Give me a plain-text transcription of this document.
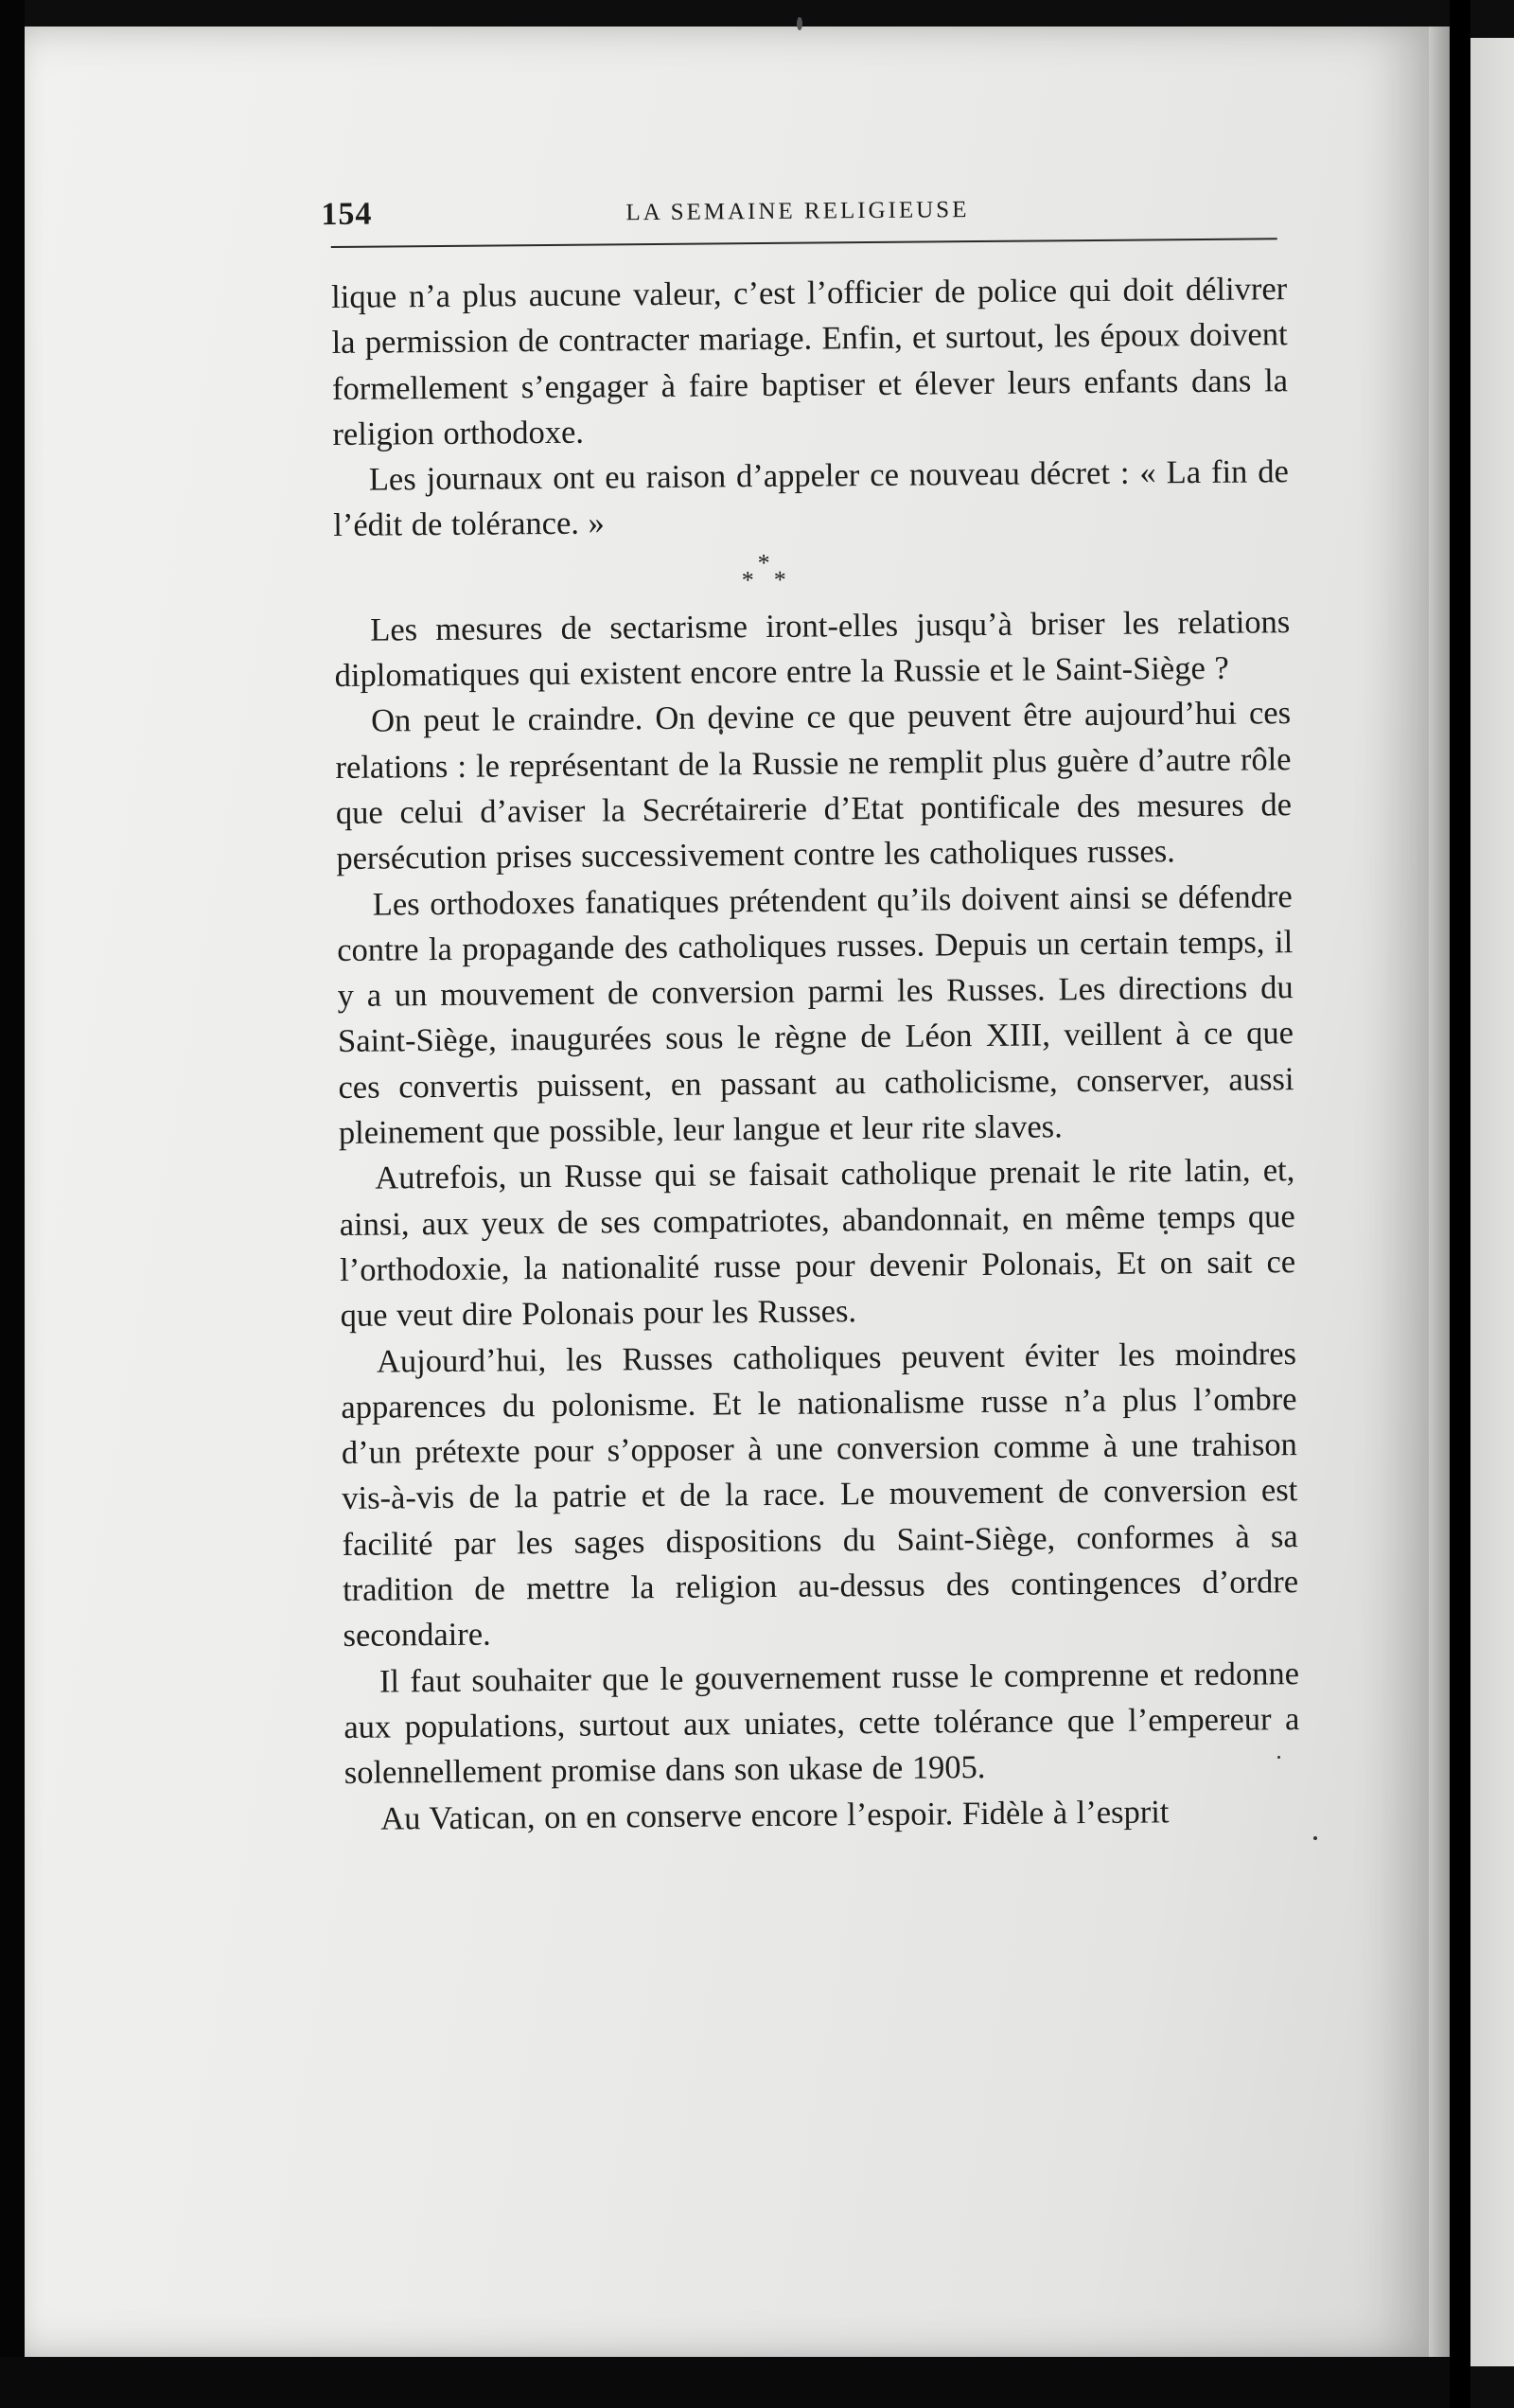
154	LA SEMAINE RELIGIEUSE

lique n’a plus aucune valeur, c’est l’officier de police qui doit délivrer la permission de contracter mariage. Enfin, et surtout, les époux doivent formellement s’engager à faire baptiser et élever leurs enfants dans la religion orthodoxe.

Les journaux ont eu raison d’appeler ce nouveau décret : « La fin de l’édit de tolérance. »

*
* *

Les mesures de sectarisme iront-elles jusqu’à briser les relations diplomatiques qui existent encore entre la Russie et le Saint-Siège ?

On peut le craindre. On devine ce que peuvent être aujourd’hui ces relations : le représentant de la Russie ne remplit plus guère d’autre rôle que celui d’aviser la Secrétairerie d’Etat pontificale des mesures de persécution prises successivement contre les catholiques russes.

Les orthodoxes fanatiques prétendent qu’ils doivent ainsi se défendre contre la propagande des catholiques russes. Depuis un certain temps, il y a un mouvement de conversion parmi les Russes. Les directions du Saint-Siège, inaugurées sous le règne de Léon XIII, veillent à ce que ces convertis puissent, en passant au catholicisme, conserver, aussi pleinement que possible, leur langue et leur rite slaves.

Autrefois, un Russe qui se faisait catholique prenait le rite latin, et, ainsi, aux yeux de ses compatriotes, abandonnait, en même temps que l’orthodoxie, la nationalité russe pour devenir Polonais, Et on sait ce que veut dire Polonais pour les Russes.

Aujourd’hui, les Russes catholiques peuvent éviter les moindres apparences du polonisme. Et le nationalisme russe n’a plus l’ombre d’un prétexte pour s’opposer à une conversion comme à une trahison vis-à-vis de la patrie et de la race. Le mouvement de conversion est facilité par les sages dispositions du Saint-Siège, conformes à sa tradition de mettre la religion au-dessus des contingences d’ordre secondaire.

Il faut souhaiter que le gouvernement russe le comprenne et redonne aux populations, surtout aux uniates, cette tolérance que l’empereur a solennellement promise dans son ukase de 1905.

Au Vatican, on en conserve encore l’espoir. Fidèle à l’esprit
